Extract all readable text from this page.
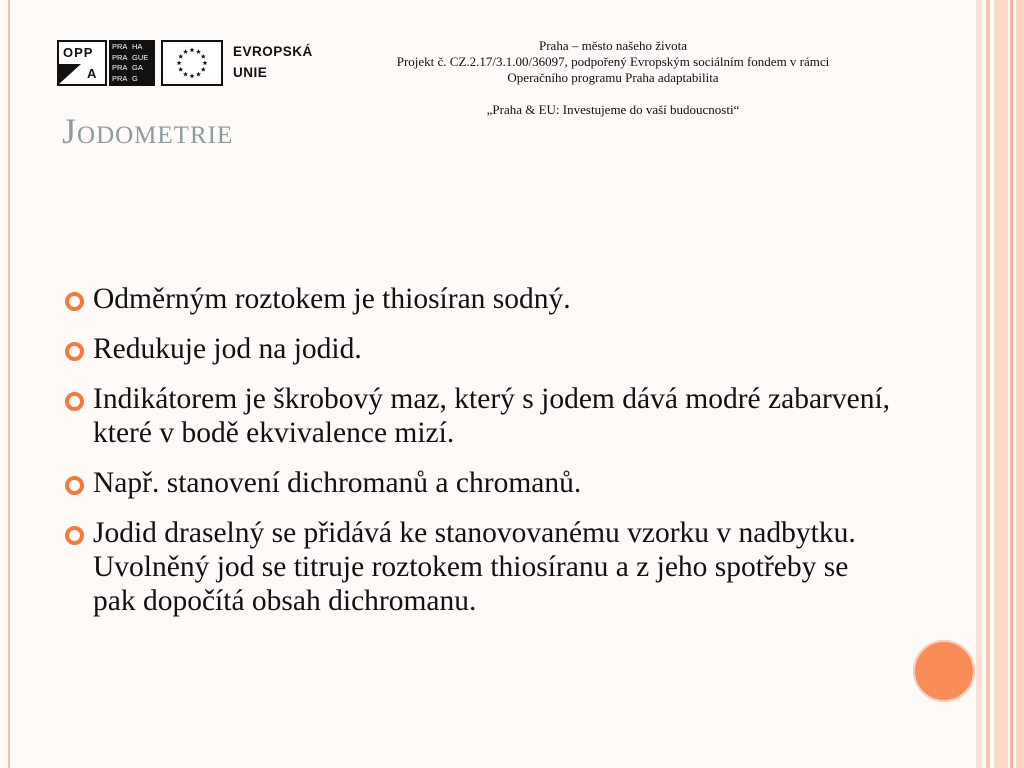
OPP
A
PRA HA
PRA GUE
PRA GA
PRA G
EVROPSKÁ
UNIE
Praha – město našeho života
Projekt č. CZ.2.17/3.1.00/36097, podpořený Evropským sociálním fondem v rámci
Operačního programu Praha adaptabilita
„Praha & EU: Investujeme do vaší budoucnosti“
Jodometrie
Odměrným roztokem je thiosíran sodný.
Redukuje jod na jodid.
Indikátorem je škrobový maz, který s jodem dává modré zabarvení, které v bodě ekvivalence mizí.
Např. stanovení dichromanů a chromanů.
Jodid draselný se přidává ke stanovovanému vzorku v nadbytku. Uvolněný jod se titruje roztokem thiosíranu a z jeho spotřeby se pak dopočítá obsah dichromanu.
